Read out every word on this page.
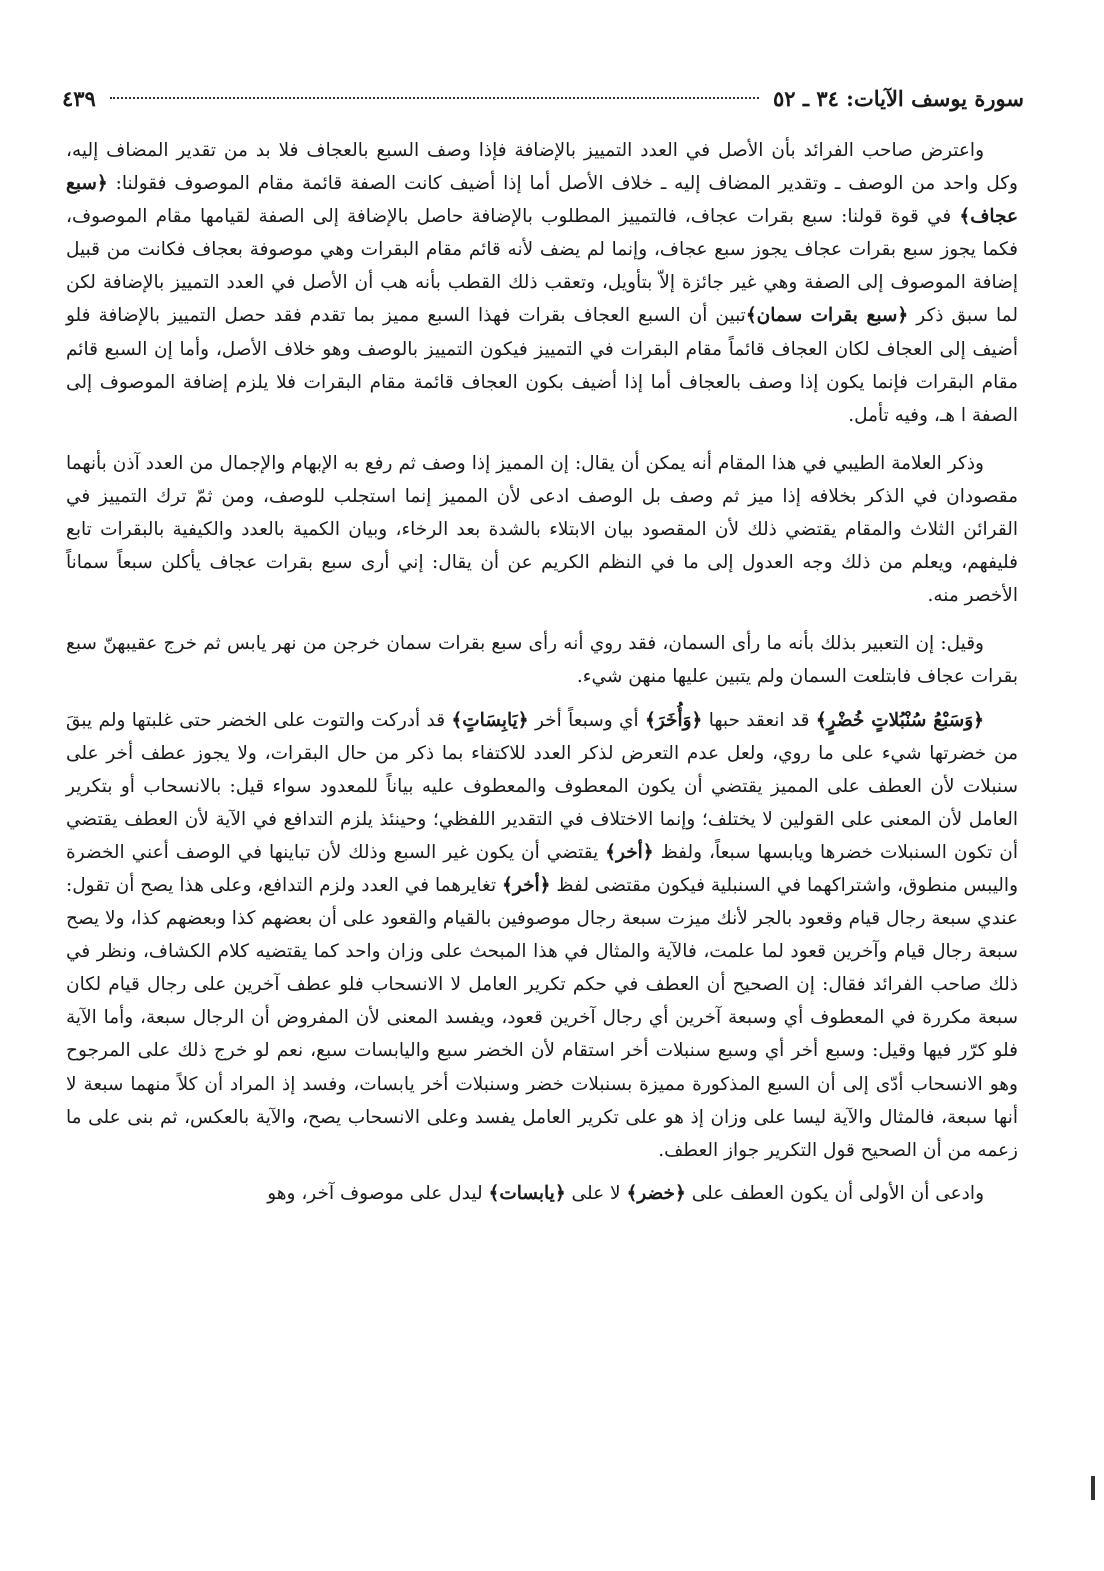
سورة يوسف الآيات: ٣٤ ـ ٥٢
٤٣٩

واعترض صاحب الفرائد بأن الأصل في العدد التمييز بالإضافة فإذا وصف السبع بالعجاف فلا بد من تقدير المضاف إليه، وكل واحد من الوصف ـ وتقدير المضاف إليه ـ خلاف الأصل أما إذا أضيف كانت الصفة قائمة مقام الموصوف فقولنا: ﴿سبع عجاف﴾ في قوة قولنا: سبع بقرات عجاف، فالتمييز المطلوب بالإضافة حاصل بالإضافة إلى الصفة لقيامها مقام الموصوف، فكما يجوز سبع بقرات عجاف يجوز سبع عجاف، وإنما لم يضف لأنه قائم مقام البقرات وهي موصوفة بعجاف فكانت من قبيل إضافة الموصوف إلى الصفة وهي غير جائزة إلاّ بتأويل، وتعقب ذلك القطب بأنه هب أن الأصل في العدد التمييز بالإضافة لكن لما سبق ذكر ﴿سبع بقرات سمان﴾تبين أن السبع العجاف بقرات فهذا السبع مميز بما تقدم فقد حصل التمييز بالإضافة فلو أضيف إلى العجاف لكان العجاف قائماً مقام البقرات في التمييز فيكون التمييز بالوصف وهو خلاف الأصل، وأما إن السبع قائم مقام البقرات فإنما يكون إذا وصف بالعجاف أما إذا أضيف بكون العجاف قائمة مقام البقرات فلا يلزم إضافة الموصوف إلى الصفة ا هـ، وفيه تأمل.

وذكر العلامة الطيبي في هذا المقام أنه يمكن أن يقال: إن المميز إذا وصف ثم رفع به الإبهام والإجمال من العدد آذن بأنهما مقصودان في الذكر بخلافه إذا ميز ثم وصف بل الوصف ادعى لأن المميز إنما استجلب للوصف، ومن ثمّ ترك التمييز في القرائن الثلاث والمقام يقتضي ذلك لأن المقصود بيان الابتلاء بالشدة بعد الرخاء، وبيان الكمية بالعدد والكيفية بالبقرات تابع فليفهم، ويعلم من ذلك وجه العدول إلى ما في النظم الكريم عن أن يقال: إني أرى سبع بقرات عجاف يأكلن سبعاً سماناً الأخصر منه.

وقيل: إن التعبير بذلك بأنه ما رأى السمان، فقد روي أنه رأى سبع بقرات سمان خرجن من نهر يابس ثم خرج عقيبهنّ سبع بقرات عجاف فابتلعت السمان ولم يتبين عليها منهن شيء.

﴿وَسَبْعُ سُنْبُلاتٍ خُضْرٍ﴾ قد انعقد حبها ﴿وَأُخَرَ﴾ أي وسبعاً أخر ﴿يَابِسَاتٍ﴾ قد أدركت والتوت على الخضر حتى غلبتها ولم يبقَ من خضرتها شيء على ما روي، ولعل عدم التعرض لذكر العدد للاكتفاء بما ذكر من حال البقرات، ولا يجوز عطف أخر على سنبلات لأن العطف على المميز يقتضي أن يكون المعطوف والمعطوف عليه بياناً للمعدود سواء قيل: بالانسحاب أو بتكرير العامل لأن المعنى على القولين لا يختلف؛ وإنما الاختلاف في التقدير اللفظي؛ وحينئذ يلزم التدافع في الآية لأن العطف يقتضي أن تكون السنبلات خضرها ويابسها سبعاً، ولفظ ﴿أخر﴾ يقتضي أن يكون غير السبع وذلك لأن تباينها في الوصف أعني الخضرة واليبس منطوق، واشتراكهما في السنبلية فيكون مقتضى لفظ ﴿أخر﴾ تغايرهما في العدد ولزم التدافع، وعلى هذا يصح أن تقول: عندي سبعة رجال قيام وقعود بالجر لأنك ميزت سبعة رجال موصوفين بالقيام والقعود على أن بعضهم كذا وبعضهم كذا، ولا يصح سبعة رجال قيام وآخرين قعود لما علمت، فالآية والمثال في هذا المبحث على وزان واحد كما يقتضيه كلام الكشاف، ونظر في ذلك صاحب الفرائد فقال: إن الصحيح أن العطف في حكم تكرير العامل لا الانسحاب فلو عطف آخرين على رجال قيام لكان سبعة مكررة في المعطوف أي وسبعة آخرين أي رجال آخرين قعود، ويفسد المعنى لأن المفروض أن الرجال سبعة، وأما الآية فلو كرّر فيها وقيل: وسبع أخر أي وسبع سنبلات أخر استقام لأن الخضر سبع واليابسات سبع، نعم لو خرج ذلك على المرجوح وهو الانسحاب أدّى إلى أن السبع المذكورة مميزة بسنبلات خضر وسنبلات أخر يابسات، وفسد إذ المراد أن كلاً منهما سبعة لا أنها سبعة، فالمثال والآية ليسا على وزان إذ هو على تكرير العامل يفسد وعلى الانسحاب يصح، والآية بالعكس، ثم بنى على ما زعمه من أن الصحيح قول التكرير جواز العطف.

وادعى أن الأولى أن يكون العطف على ﴿خضر﴾ لا على ﴿يابسات﴾ ليدل على موصوف آخر، وهو
